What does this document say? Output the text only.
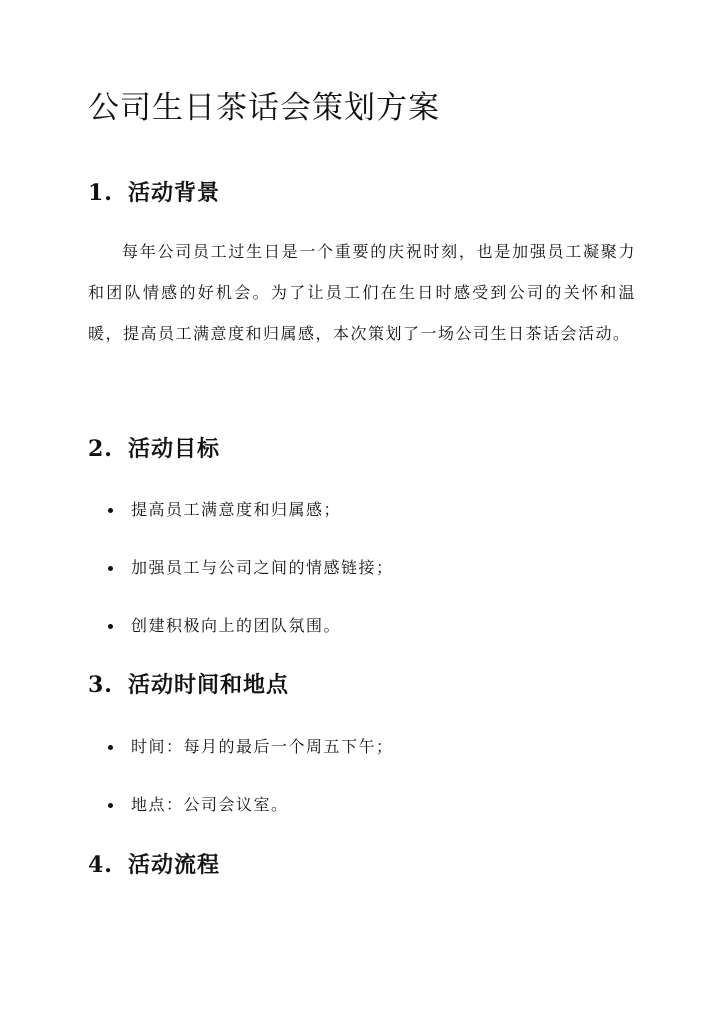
公司生日茶话会策划方案
1. 活动背景

每年公司员工过生日是一个重要的庆祝时刻，也是加强员工凝聚力和团队情感的好机会。为了让员工们在生日时感受到公司的关怀和温暖，提高员工满意度和归属感，本次策划了一场公司生日茶话会活动。

2. 活动目标
提高员工满意度和归属感；
加强员工与公司之间的情感链接；
创建积极向上的团队氛围。
3. 活动时间和地点
时间：每月的最后一个周五下午；
地点：公司会议室。
4. 活动流程
